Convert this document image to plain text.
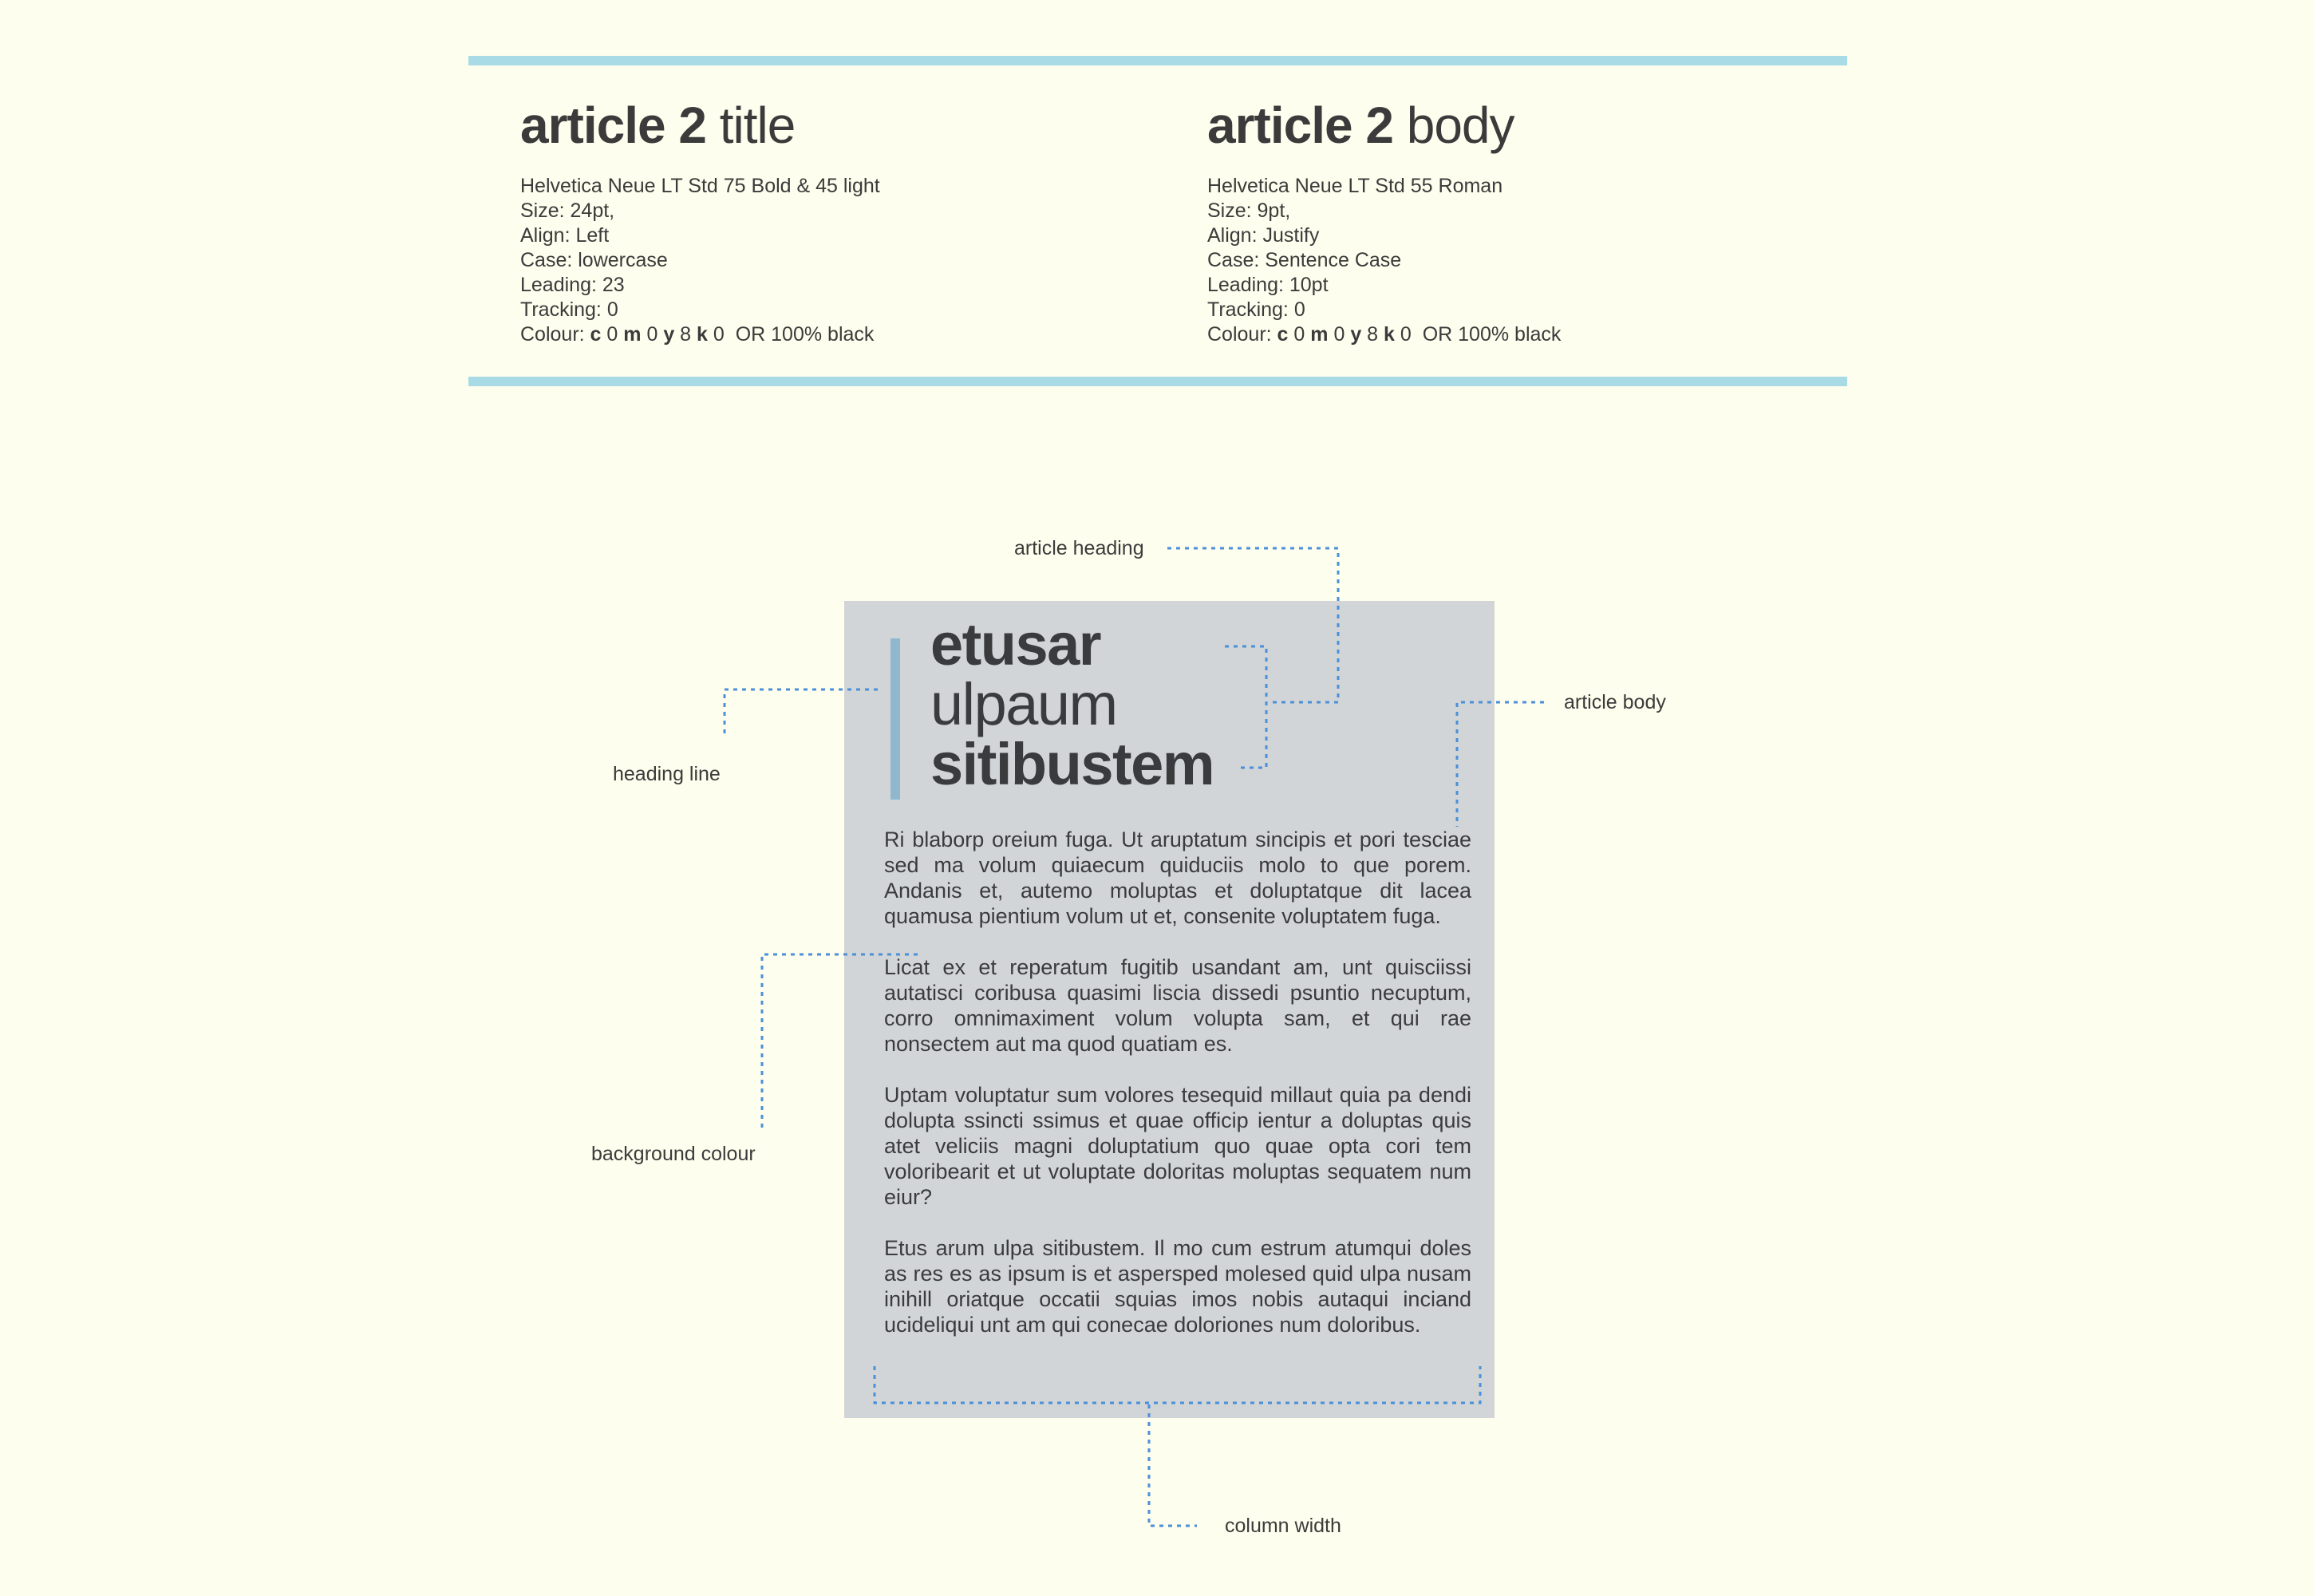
article 2 title
Helvetica Neue LT Std 75 Bold & 45 light
Size: 24pt,
Align: Left
Case: lowercase
Leading: 23
Tracking: 0
Colour: c 0 m 0 y 8 k 0 OR 100% black
article 2 body
Helvetica Neue LT Std 55 Roman
Size: 9pt,
Align: Justify
Case: Sentence Case
Leading: 10pt
Tracking: 0
Colour: c 0 m 0 y 8 k 0 OR 100% black
etusar
ulpaum
sitibustem

Ri blaborp oreium fuga. Ut aruptatum sincipis et pori tesciae sed ma volum quiaecum quiduciis molo to que porem. Andanis et, autemo moluptas et doluptatque dit lacea quamusa pientium volum ut et, consenite voluptatem fuga.

Licat ex et reperatum fugitib usandant am, unt quisciissi autatisci coribusa quasimi liscia dissedi psuntio necuptum, corro omnimaximent volum volupta sam, et qui rae nonsectem aut ma quod quatiam es.

Uptam voluptatur sum volores tesequid millaut quia pa dendi dolupta ssincti ssimus et quae officip ientur a doluptas quis atet veliciis magni doluptatium quo quae opta cori tem voloribearit et ut voluptate doloritas moluptas sequatem num eiur?

Etus arum ulpa sitibustem. Il mo cum estrum atumqui doles as res es as ipsum is et aspersped molesed quid ulpa nusam inihill oriatque occatii squias imos nobis autaqui inciand ucideliqui unt am qui conecae doloriones num doloribus.

article heading
article body
heading line
background colour
column width
